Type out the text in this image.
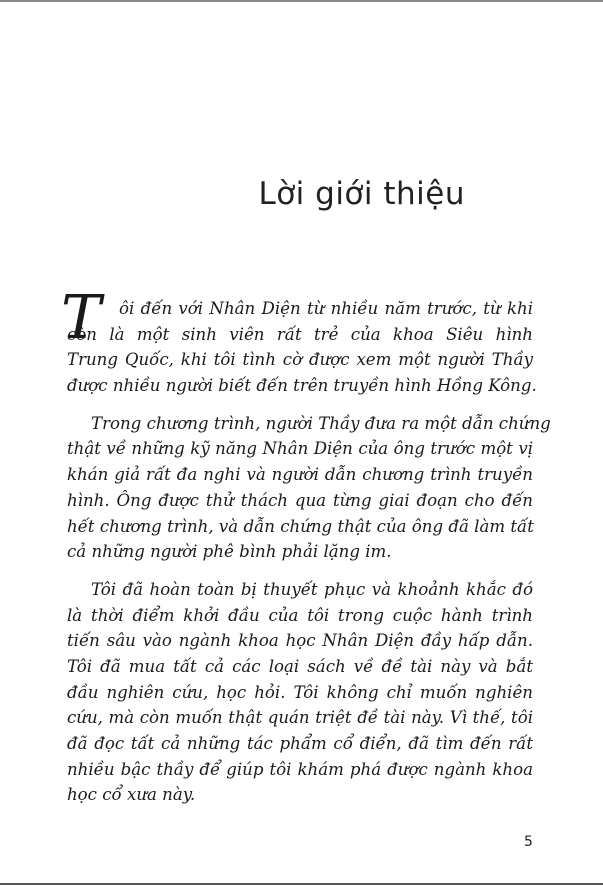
Lời giới thiệu
T	ôi đến với Nhân Diện từ nhiều năm trước, từ khi
còn là một sinh viên rất trẻ của khoa Siêu hình
Trung Quốc, khi tôi tình cờ được xem một người Thầy
được nhiều người biết đến trên truyền hình Hồng Kông.
Trong chương trình, người Thầy đưa ra một dẫn chứng
thật về những kỹ năng Nhân Diện của ông trước một vị
khán giả rất đa nghi và người dẫn chương trình truyền
hình. Ông được thử thách qua từng giai đoạn cho đến
hết chương trình, và dẫn chứng thật của ông đã làm tất
cả những người phê bình phải lặng im.
Tôi đã hoàn toàn bị thuyết phục và khoảnh khắc đó
là thời điểm khởi đầu của tôi trong cuộc hành trình
tiến sâu vào ngành khoa học Nhân Diện đầy hấp dẫn.
Tôi đã mua tất cả các loại sách về đề tài này và bắt
đầu nghiên cứu, học hỏi. Tôi không chỉ muốn nghiên
cứu, mà còn muốn thật quán triệt đề tài này. Vì thế, tôi
đã đọc tất cả những tác phẩm cổ điển, đã tìm đến rất
nhiều bậc thầy để giúp tôi khám phá được ngành khoa
học cổ xưa này.
5
